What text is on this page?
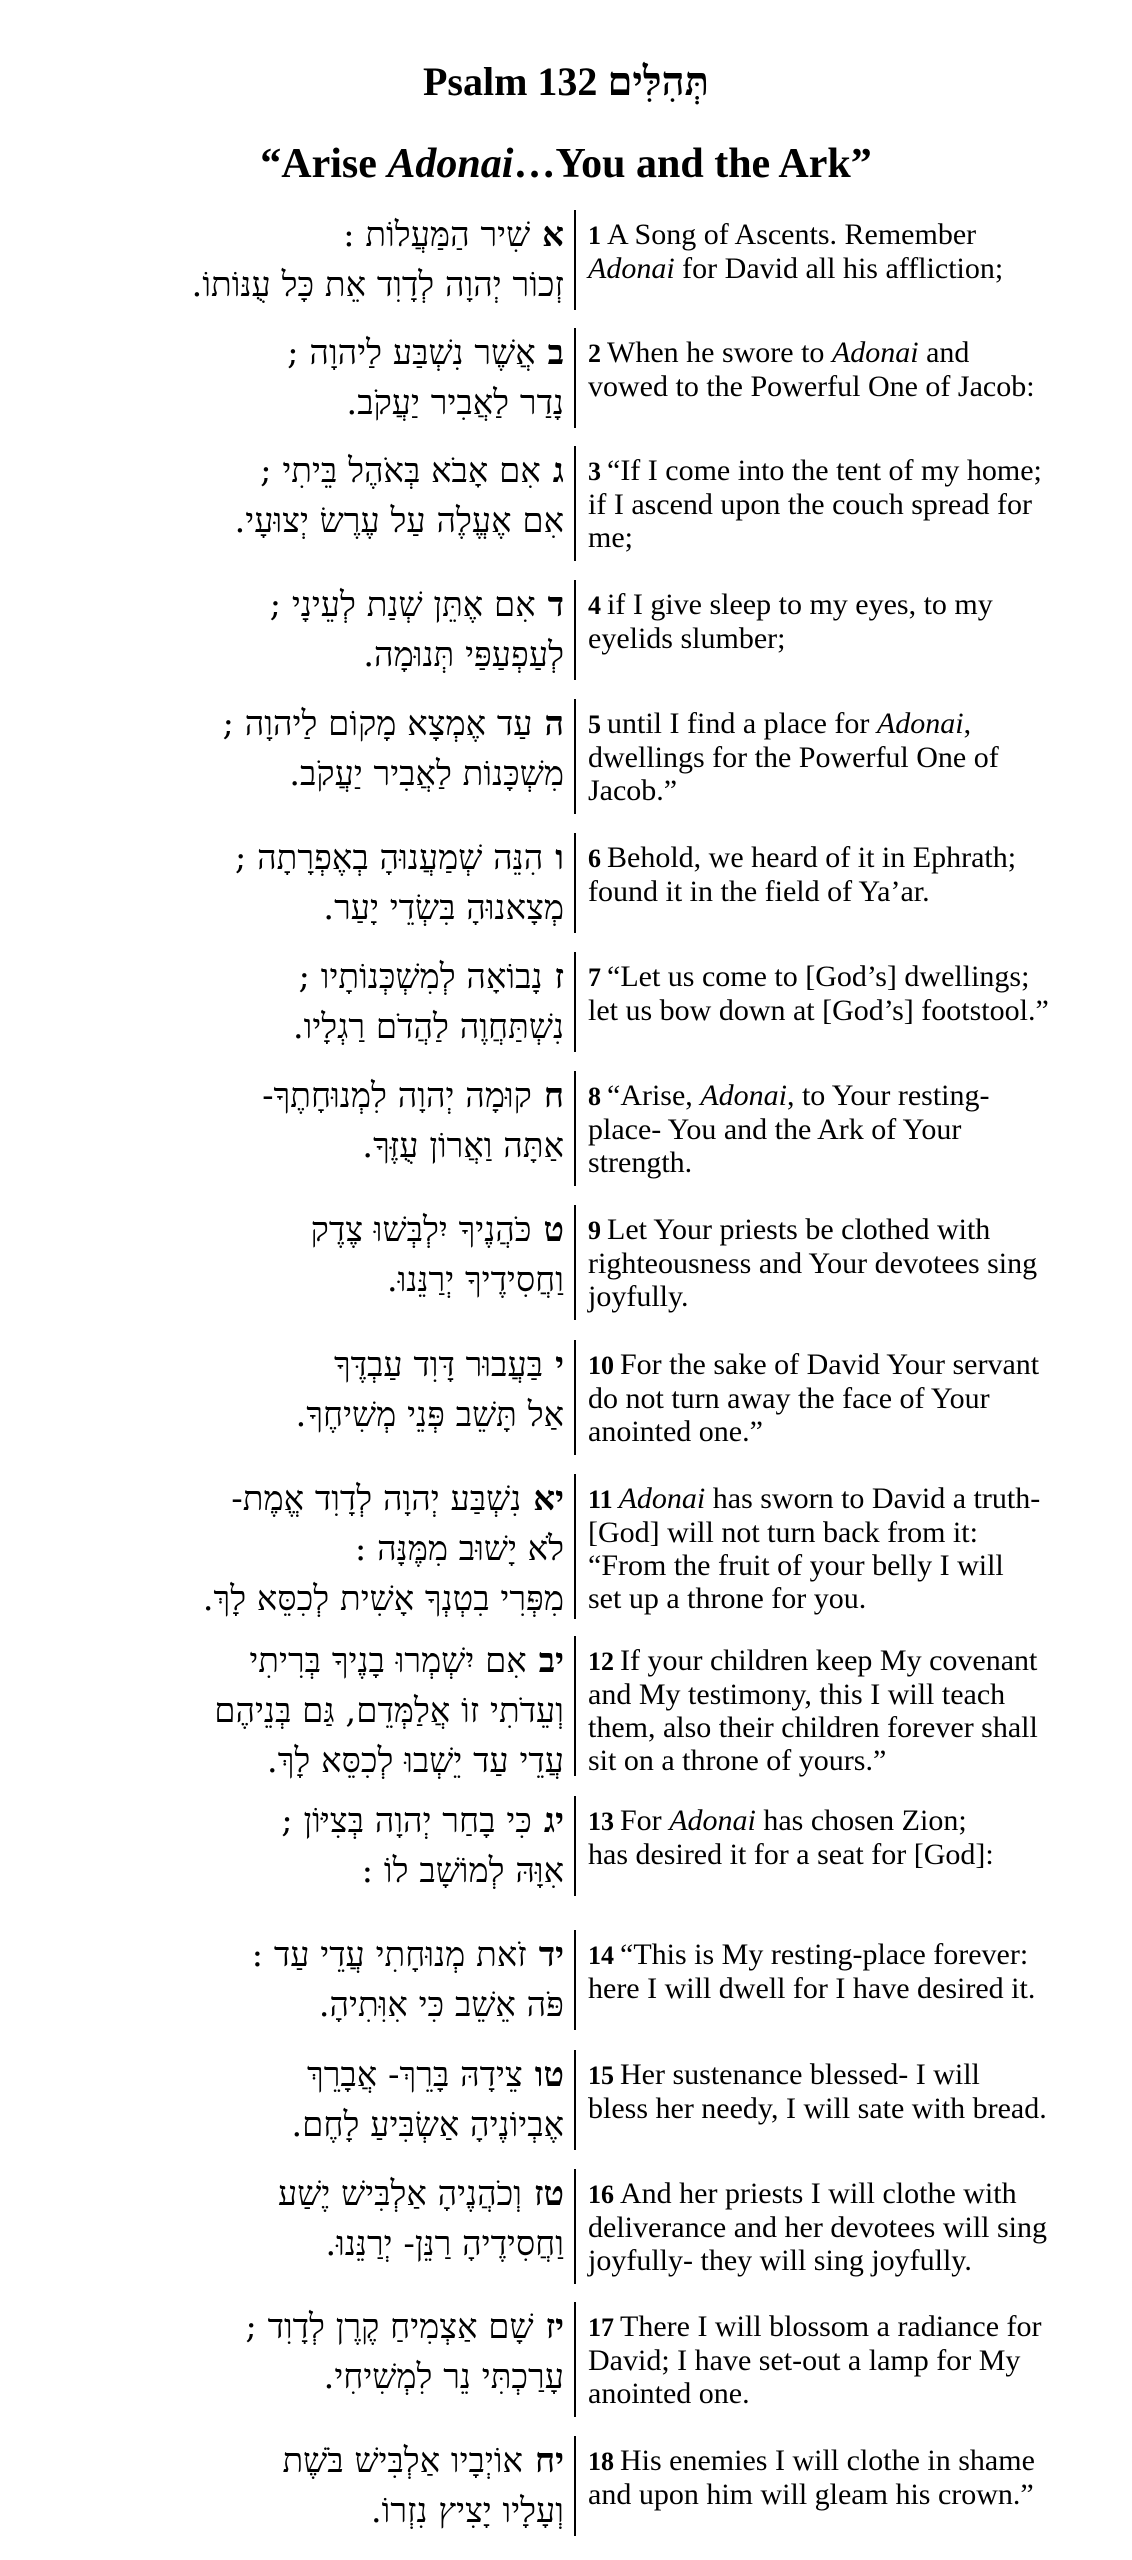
Psalm 132 תְּהִלִּים
“Arise Adonai…You and the Ark”
אשִׁיר הַמַּעֲלוֹת :
זְכוֹר יְהוָה לְדָוִד אֵת כָּל עֻנּוֹתוֹ.
1 A Song of Ascents. Remember
Adonai for David all his affliction;
באֲשֶׁר נִשְׁבַּע לַיהוָה ;
נָדַר לַאֲבִיר יַעֲקֹב.
2 When he swore to Adonai and
vowed to the Powerful One of Jacob:
גאִם אָבֹא בְּאֹהֶל בֵּיתִי ;
אִם אֶעֱלֶה עַל עֶרֶשׂ יְצוּעָי.
3 “If I come into the tent of my home;
if I ascend upon the couch spread for
me;
דאִם אֶתֵּן שְׁנַת לְעֵינָי ;
לְעַפְעַפַּי תְּנוּמָה.
4 if I give sleep to my eyes, to my
eyelids slumber;
העַד אֶמְצָא מָקוֹם לַיהוָה ;
מִשְׁכָּנוֹת לַאֲבִיר יַעֲקֹב.
5 until I find a place for Adonai,
dwellings for the Powerful One of
Jacob.”
והִנֵּה שְׁמַעֲנוּהָ בְאֶפְרָתָה ;
מְצָאנוּהָ בִּשְׂדֵי יָעַר.
6 Behold, we heard of it in Ephrath;
found it in the field of Ya’ar.
זנָבוֹאָה לְמִשְׁכְּנוֹתָיו ;
נִשְׁתַּחֲוֶה לַהֲדֹם רַגְלָיו.
7 “Let us come to [God’s] dwellings;
let us bow down at [God’s] footstool.”
חקוּמָה יְהוָה לִמְנוּחָתֶךָ-
אַתָּה וַאֲרוֹן עֻזֶּךָ.
8 “Arise, Adonai, to Your resting-
place- You and the Ark of Your
strength.
טכֹּהֲנֶיךָ יִלְבְּשׁוּ צֶדֶק
וַחֲסִידֶיךָ יְרַנֵּנוּ.
9 Let Your priests be clothed with
righteousness and Your devotees sing
joyfully.
יבַּעֲבוּר דָּוִד עַבְדֶּךָ
אַל תָּשֵׁב פְּנֵי מְשִׁיחֶךָ.
10 For the sake of David Your servant
do not turn away the face of Your
anointed one.”
יאנִשְׁבַּע יְהוָה לְדָוִד אֱמֶת-
לֹא יָשׁוּב מִמֶּנָּה :
מִפְּרִי בִטְנְךָ אָשִׁית לְכִסֵּא לָךְ.
11 Adonai has sworn to David a truth-
[God] will not turn back from it:
“From the fruit of your belly I will
set up a throne for you.
יבאִם יִשְׁמְרוּ בָנֶיךָ בְּרִיתִי
וְעֵדֹתִי זוֹ אֲלַמְּדֵם, גַּם בְּנֵיהֶם
עֲדֵי עַד יֵשְׁבוּ לְכִסֵּא לָךְ.
12 If your children keep My covenant
and My testimony, this I will teach
them, also their children forever shall
sit on a throne of yours.”
יגכִּי בָחַר יְהוָה בְּצִיּוֹן ;
אִוָּהּ לְמוֹשָׁב לוֹ :
13 For Adonai has chosen Zion;
has desired it for a seat for [God]:
ידזֹאת מְנוּחָתִי עֲדֵי עַד :
פֹּה אֵשֵׁב כִּי אִוִּתִיהָ.
14 “This is My resting-place forever:
here I will dwell for I have desired it.
טוצֵידָהּ בָּרֵךְ- אֲבָרֵךְ
אֶבְיוֹנֶיהָ אַשְׂבִּיעַ לָחֶם.
15 Her sustenance blessed- I will
bless her needy, I will sate with bread.
טזוְכֹהֲנֶיהָ אַלְבִּישׁ יֶשַׁע
וַחֲסִידֶיהָ רַנֵּן- יְרַנֵּנוּ.
16 And her priests I will clothe with
deliverance and her devotees will sing
joyfully- they will sing joyfully.
יזשָׁם אַצְמִיחַ קֶרֶן לְדָוִד ;
עָרַכְתִּי נֵר לִמְשִׁיחִי.
17 There I will blossom a radiance for
David; I have set-out a lamp for My
anointed one.
יחאוֹיְבָיו אַלְבִּישׁ בֹּשֶׁת
וְעָלָיו יָצִיץ נִזְרוֹ.
18 His enemies I will clothe in shame
and upon him will gleam his crown.”
